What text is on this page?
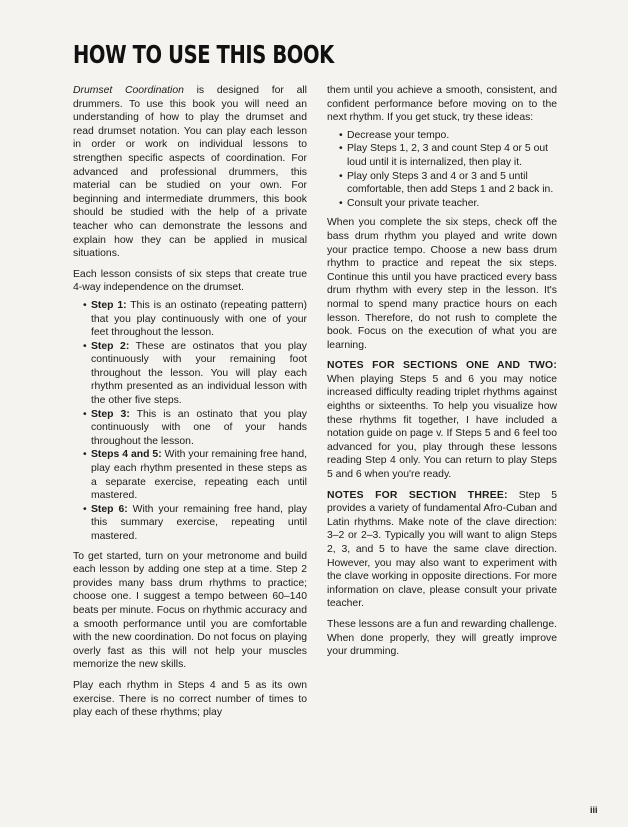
HOW TO USE THIS BOOK

Drumset Coordination is designed for all drummers. To use this book you will need an understanding of how to play the drumset and read drumset notation. You can play each lesson in order or work on individual lessons to strengthen specific aspects of coordination. For advanced and professional drummers, this material can be studied on your own. For beginning and intermediate drummers, this book should be studied with the help of a private teacher who can demonstrate the lessons and explain how they can be applied in musical situations.

Each lesson consists of six steps that create true 4-way independence on the drumset.

• Step 1: This is an ostinato (repeating pattern) that you play continuously with one of your feet throughout the lesson.
• Step 2: These are ostinatos that you play continuously with your remaining foot throughout the lesson. You will play each rhythm presented as an individual lesson with the other five steps.
• Step 3: This is an ostinato that you play continuously with one of your hands throughout the lesson.
• Steps 4 and 5: With your remaining free hand, play each rhythm presented in these steps as a separate exercise, repeating each until mastered.
• Step 6: With your remaining free hand, play this summary exercise, repeating until mastered.

To get started, turn on your metronome and build each lesson by adding one step at a time. Step 2 provides many bass drum rhythms to practice; choose one. I suggest a tempo between 60–140 beats per minute. Focus on rhythmic accuracy and a smooth performance until you are comfortable with the new coordination. Do not focus on playing overly fast as this will not help your muscles memorize the new skills.

Play each rhythm in Steps 4 and 5 as its own exercise. There is no correct number of times to play each of these rhythms; play

them until you achieve a smooth, consistent, and confident performance before moving on to the next rhythm. If you get stuck, try these ideas:

• Decrease your tempo.
• Play Steps 1, 2, 3 and count Step 4 or 5 out loud until it is internalized, then play it.
• Play only Steps 3 and 4 or 3 and 5 until comfortable, then add Steps 1 and 2 back in.
• Consult your private teacher.

When you complete the six steps, check off the bass drum rhythm you played and write down your practice tempo. Choose a new bass drum rhythm to practice and repeat the six steps. Continue this until you have practiced every bass drum rhythm with every step in the lesson. It's normal to spend many practice hours on each lesson. Therefore, do not rush to complete the book. Focus on the execution of what you are learning.

NOTES FOR SECTIONS ONE AND TWO: When playing Steps 5 and 6 you may notice increased difficulty reading triplet rhythms against eighths or sixteenths. To help you visualize how these rhythms fit together, I have included a notation guide on page v. If Steps 5 and 6 feel too advanced for you, play through these lessons reading Step 4 only. You can return to play Steps 5 and 6 when you're ready.

NOTES FOR SECTION THREE: Step 5 provides a variety of fundamental Afro-Cuban and Latin rhythms. Make note of the clave direction: 3–2 or 2–3. Typically you will want to align Steps 2, 3, and 5 to have the same clave direction. However, you may also want to experiment with the clave working in opposite directions. For more information on clave, please consult your private teacher.

These lessons are a fun and rewarding challenge. When done properly, they will greatly improve your drumming.

iii
